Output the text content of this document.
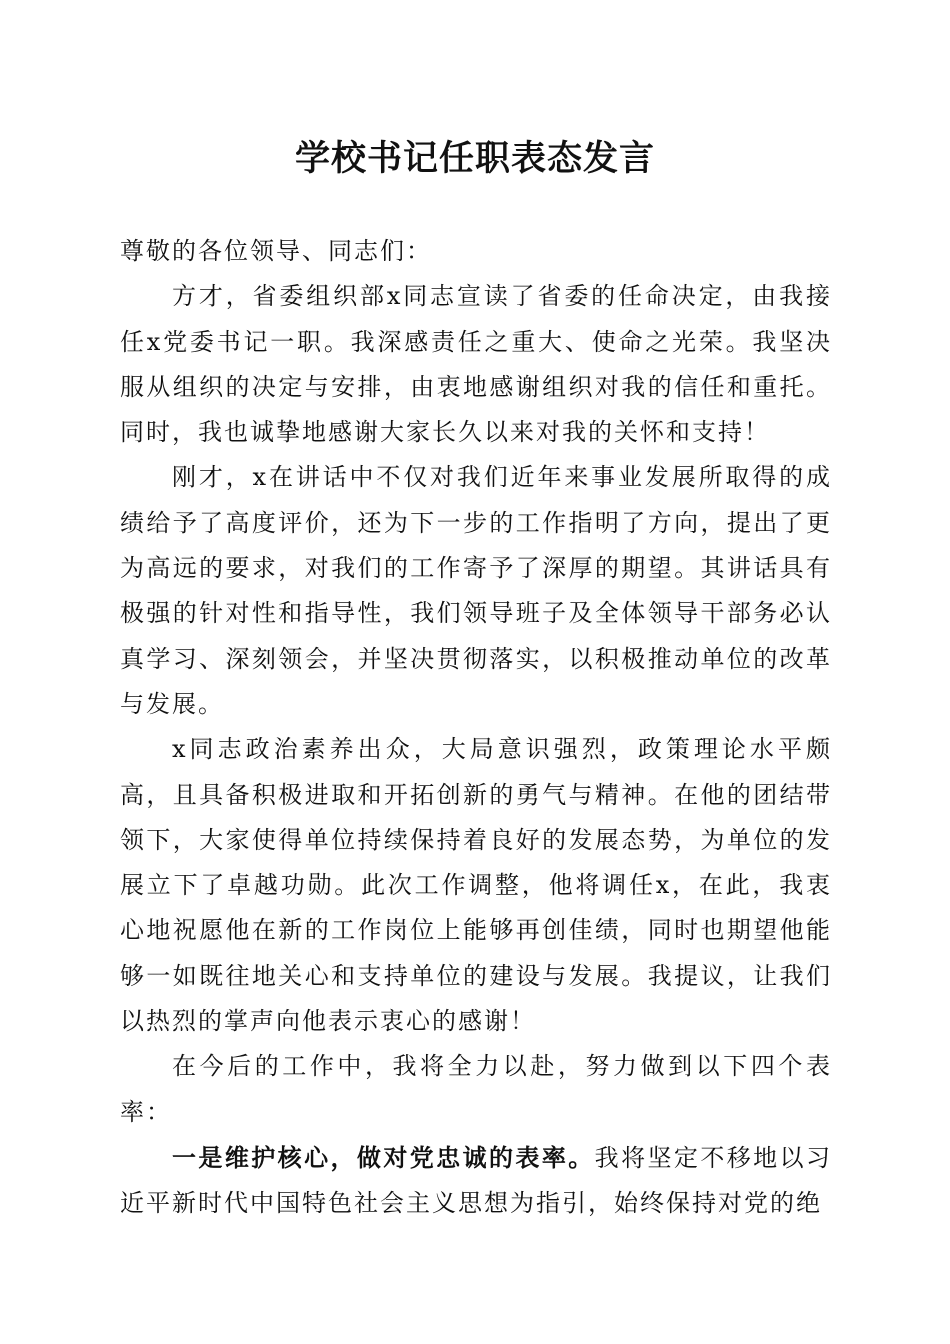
学校书记任职表态发言

尊敬的各位领导、同志们：

方才，省委组织部x同志宣读了省委的任命决定，由我接任x党委书记一职。我深感责任之重大、使命之光荣。我坚决服从组织的决定与安排，由衷地感谢组织对我的信任和重托。同时，我也诚挚地感谢大家长久以来对我的关怀和支持！

刚才，x在讲话中不仅对我们近年来事业发展所取得的成绩给予了高度评价，还为下一步的工作指明了方向，提出了更为高远的要求，对我们的工作寄予了深厚的期望。其讲话具有极强的针对性和指导性，我们领导班子及全体领导干部务必认真学习、深刻领会，并坚决贯彻落实，以积极推动单位的改革与发展。

x同志政治素养出众，大局意识强烈，政策理论水平颇高，且具备积极进取和开拓创新的勇气与精神。在他的团结带领下，大家使得单位持续保持着良好的发展态势，为单位的发展立下了卓越功勋。此次工作调整，他将调任x，在此，我衷心地祝愿他在新的工作岗位上能够再创佳绩，同时也期望他能够一如既往地关心和支持单位的建设与发展。我提议，让我们以热烈的掌声向他表示衷心的感谢！

在今后的工作中，我将全力以赴，努力做到以下四个表率：

一是维护核心，做对党忠诚的表率。我将坚定不移地以习近平新时代中国特色社会主义思想为指引，始终保持对党的绝
